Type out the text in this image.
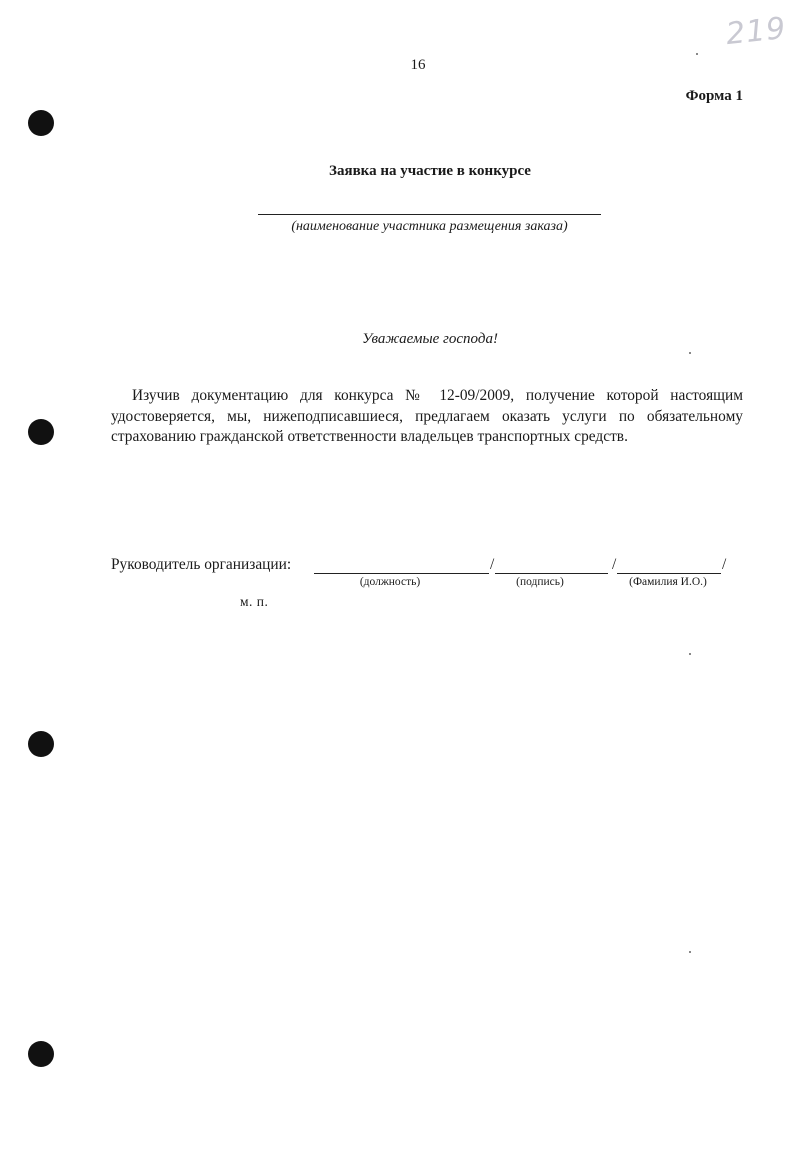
219
16
Форма 1
Заявка на участие в конкурсе
(наименование участника размещения заказа)
Уважаемые господа!
Изучив документацию для конкурса № 12-09/2009, получение которой настоящим удостоверяется, мы, нижеподписавшиеся, предлагаем оказать услуги по обязательному страхованию гражданской ответственности владельцев транспортных средств.
Руководитель организации:	/	/	/
(должность)	(подпись)	(Фамилия И.О.)
м. п.
